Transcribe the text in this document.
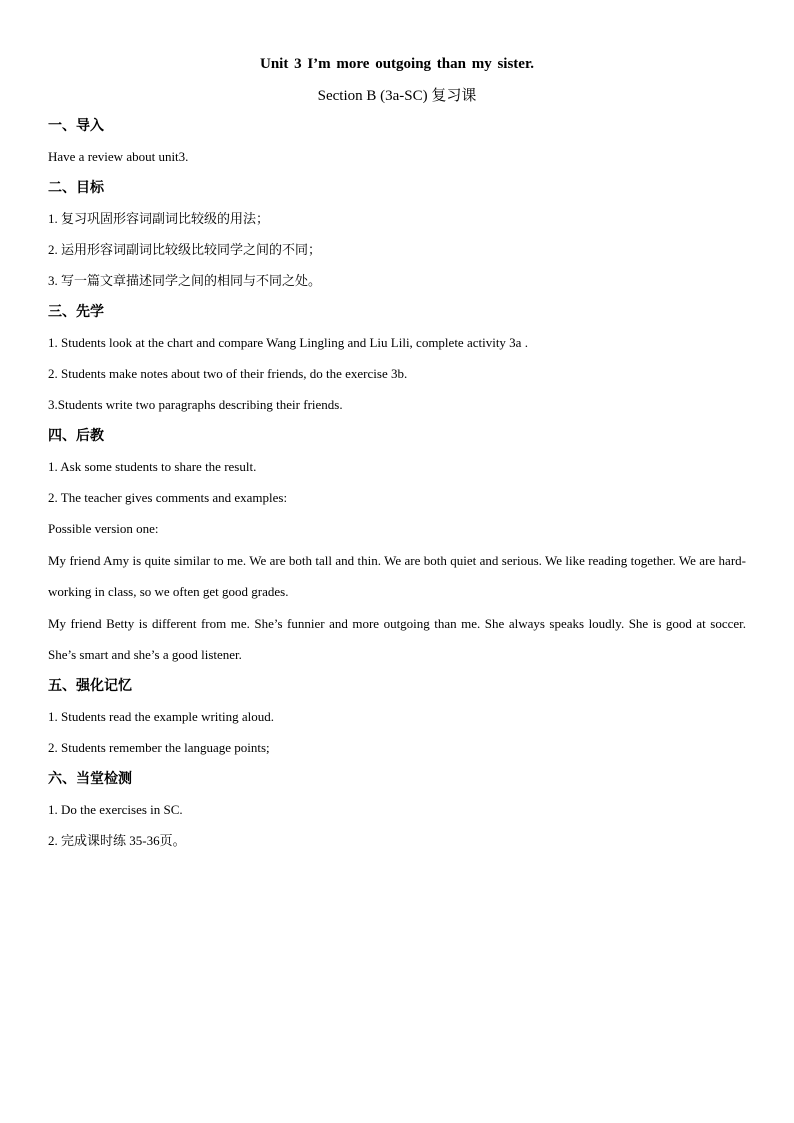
Unit 3 I’m more outgoing than my sister.
Section B (3a-SC) 复习课
一、导入
Have a review about unit3.
二、目标
1. 复习巩固形容词副词比较级的用法；
2. 运用形容词副词比较级比较同学之间的不同；
3. 写一篇文章描述同学之间的相同与不同之处。
三、先学
1. Students look at the chart and compare Wang Lingling and Liu Lili, complete activity 3a .
2. Students make notes about two of their friends, do the exercise 3b.
3.Students write two paragraphs describing their friends.
四、后教
1. Ask some students to share the result.
2. The teacher gives comments and examples:
Possible version one:
My friend Amy is quite similar to me. We are both tall and thin. We are both quiet and serious. We like reading together. We are hard-working in class, so we often get good grades.
My friend Betty is different from me. She’s funnier and more outgoing than me. She always speaks loudly. She is good at soccer. She’s smart and she’s a good listener.
五、强化记忆
1. Students read the example writing aloud.
2. Students remember the language points;
六、当堂检测
1. Do the exercises in SC.
2. 完成课时练 35-36页。
